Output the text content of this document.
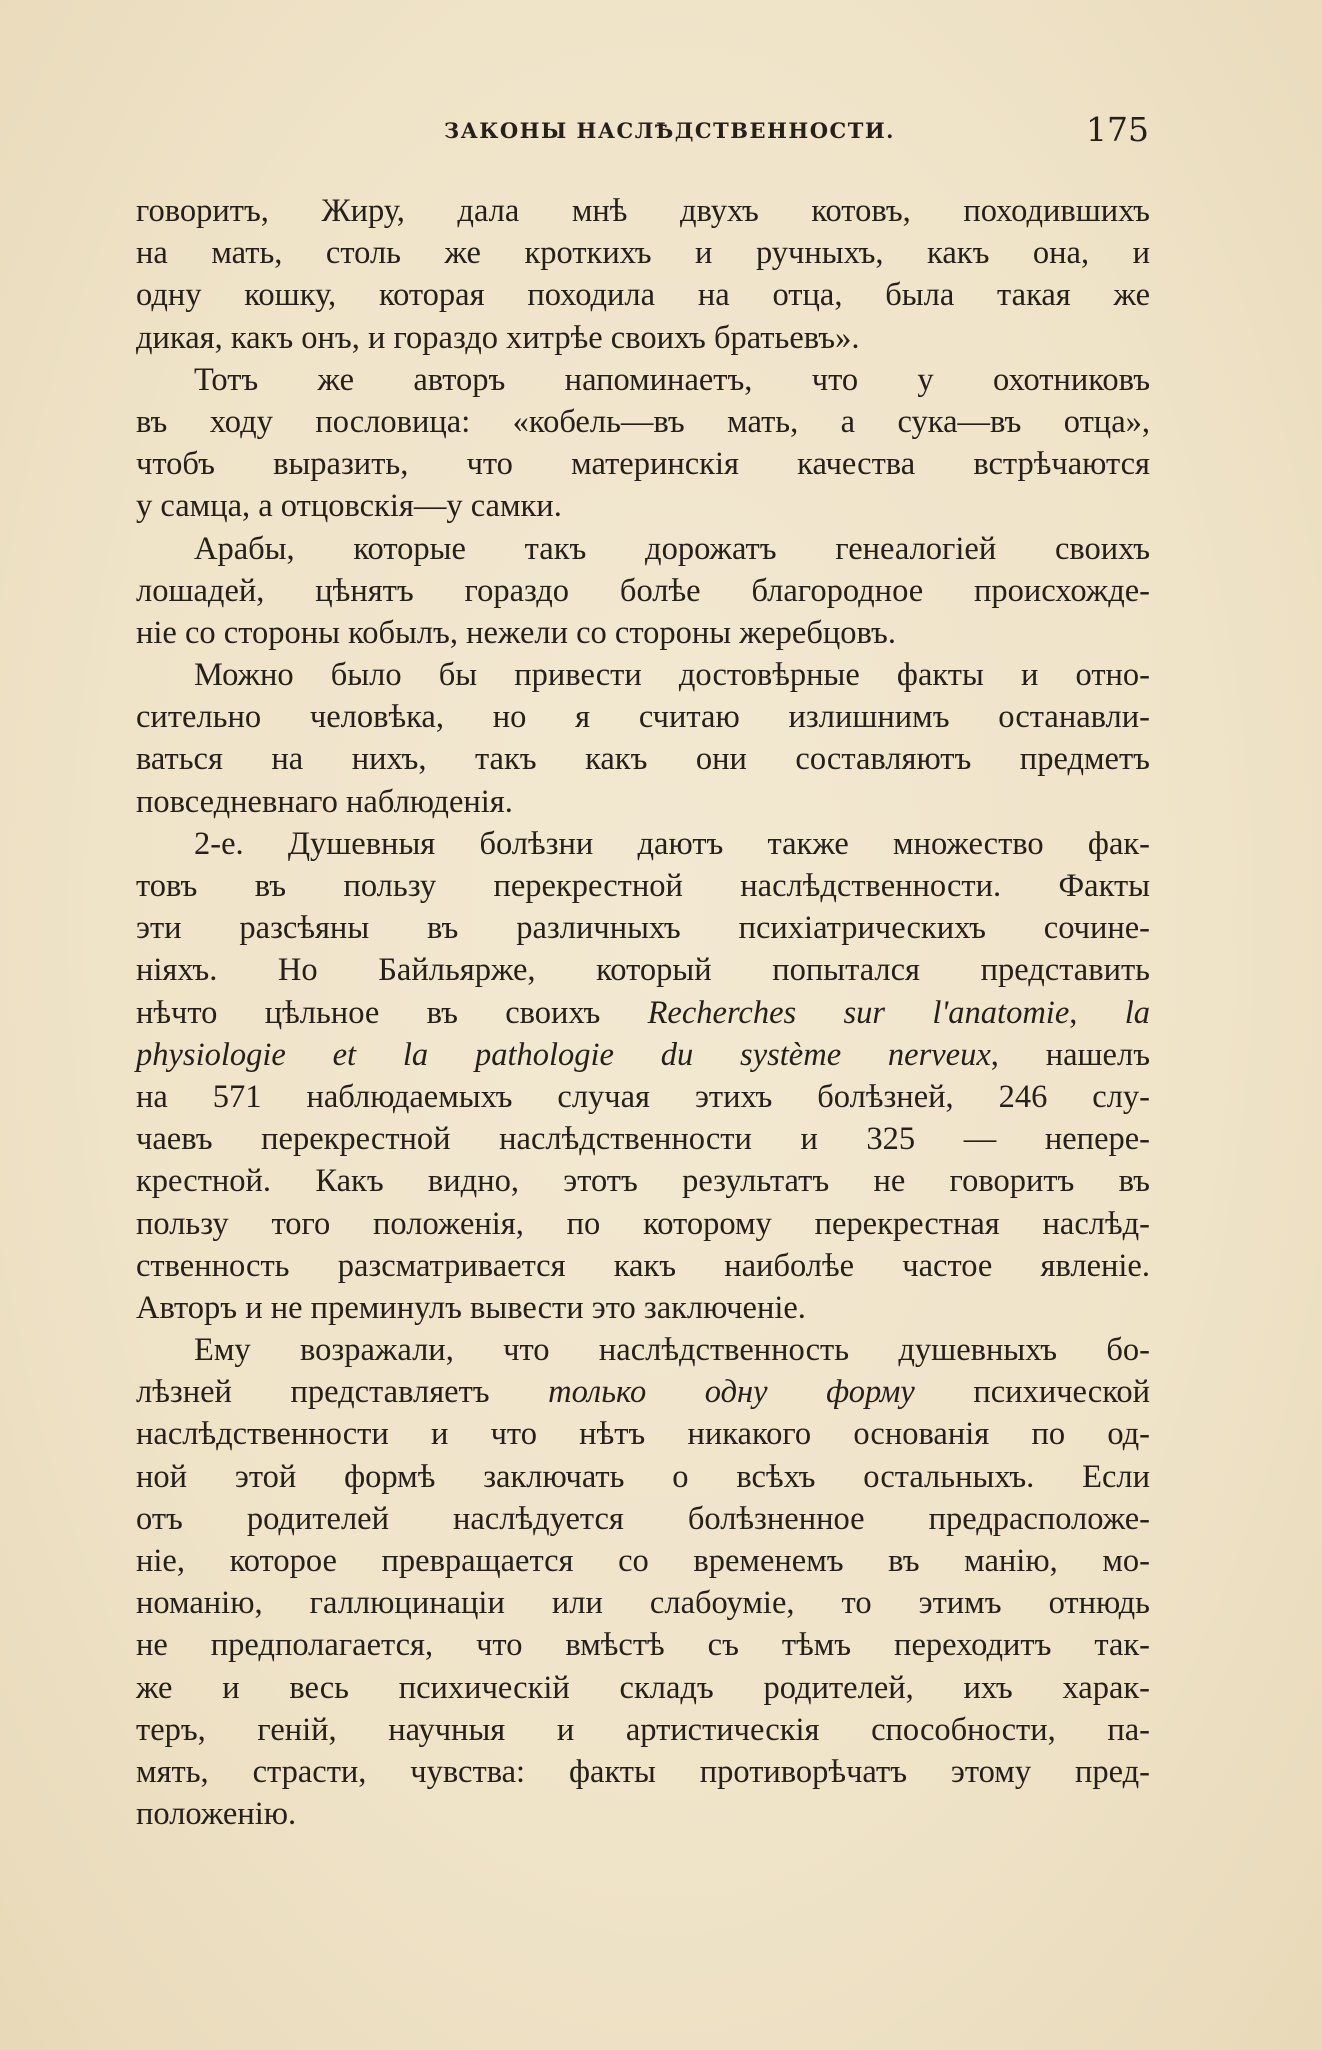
ЗАКОНЫ НАСЛѢДСТВЕННОСТИ.	175
говоритъ, Жиру, дала мнѣ двухъ котовъ, походившихъ
на мать, столь же кроткихъ и ручныхъ, какъ она, и
одну кошку, которая походила на отца, была такая же
дикая, какъ онъ, и гораздо хитрѣе своихъ братьевъ».
Тотъ же авторъ напоминаетъ, что у охотниковъ
въ ходу пословица: «кобель—въ мать, а сука—въ отца»,
чтобъ выразить, что материнскія качества встрѣчаются
у самца, а отцовскія—у самки.
Арабы, которые такъ дорожатъ генеалогіей своихъ
лошадей, цѣнятъ гораздо болѣе благородное происхожде-
ніе со стороны кобылъ, нежели со стороны жеребцовъ.
Можно было бы привести достовѣрные факты и отно-
сительно человѣка, но я считаю излишнимъ останавли-
ваться на нихъ, такъ какъ они составляютъ предметъ
повседневнаго наблюденія.
2-е. Душевныя болѣзни даютъ также множество фак-
товъ въ пользу перекрестной наслѣдственности. Факты
эти разсѣяны въ различныхъ психіатрическихъ сочине-
ніяхъ. Но Байльярже, который попытался представить
нѣчто цѣльное въ своихъ Recherches sur l'anatomie, la
physiologie et la pathologie du système nerveux, нашелъ
на 571 наблюдаемыхъ случая этихъ болѣзней, 246 слу-
чаевъ перекрестной наслѣдственности и 325 — непере-
крестной. Какъ видно, этотъ результатъ не говоритъ въ
пользу того положенія, по которому перекрестная наслѣд-
ственность разсматривается какъ наиболѣе частое явленіе.
Авторъ и не преминулъ вывести это заключеніе.
Ему возражали, что наслѣдственность душевныхъ бо-
лѣзней представляетъ только одну форму психической
наслѣдственности и что нѣтъ никакого основанія по од-
ной этой формѣ заключать о всѣхъ остальныхъ. Если
отъ родителей наслѣдуется болѣзненное предрасположе-
ніе, которое превращается со временемъ въ манію, мо-
номанію, галлюцинаціи или слабоуміе, то этимъ отнюдь
не предполагается, что вмѣстѣ съ тѣмъ переходитъ так-
же и весь психическій складъ родителей, ихъ харак-
теръ, геній, научныя и артистическія способности, па-
мять, страсти, чувства: факты противорѣчатъ этому пред-
положенію.
